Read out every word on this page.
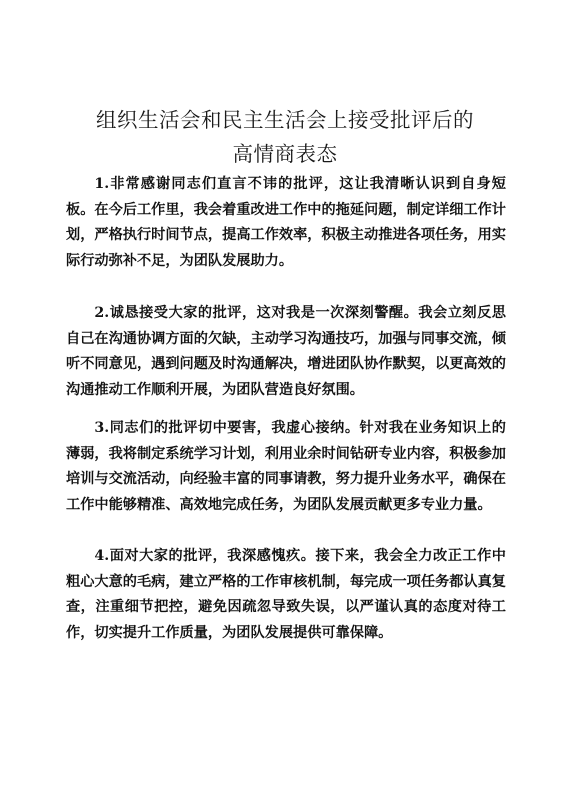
组织生活会和民主生活会上接受批评后的
高情商表态

1.非常感谢同志们直言不讳的批评，这让我清晰认识到自身短板。在今后工作里，我会着重改进工作中的拖延问题，制定详细工作计划，严格执行时间节点，提高工作效率，积极主动推进各项任务，用实际行动弥补不足，为团队发展助力。

2.诚恳接受大家的批评，这对我是一次深刻警醒。我会立刻反思自己在沟通协调方面的欠缺，主动学习沟通技巧，加强与同事交流，倾听不同意见，遇到问题及时沟通解决，增进团队协作默契，以更高效的沟通推动工作顺利开展，为团队营造良好氛围。

3.同志们的批评切中要害，我虚心接纳。针对我在业务知识上的薄弱，我将制定系统学习计划，利用业余时间钻研专业内容，积极参加培训与交流活动，向经验丰富的同事请教，努力提升业务水平，确保在工作中能够精准、高效地完成任务，为团队发展贡献更多专业力量。

4.面对大家的批评，我深感愧疚。接下来，我会全力改正工作中粗心大意的毛病，建立严格的工作审核机制，每完成一项任务都认真复查，注重细节把控，避免因疏忽导致失误，以严谨认真的态度对待工作，切实提升工作质量，为团队发展提供可靠保障。
